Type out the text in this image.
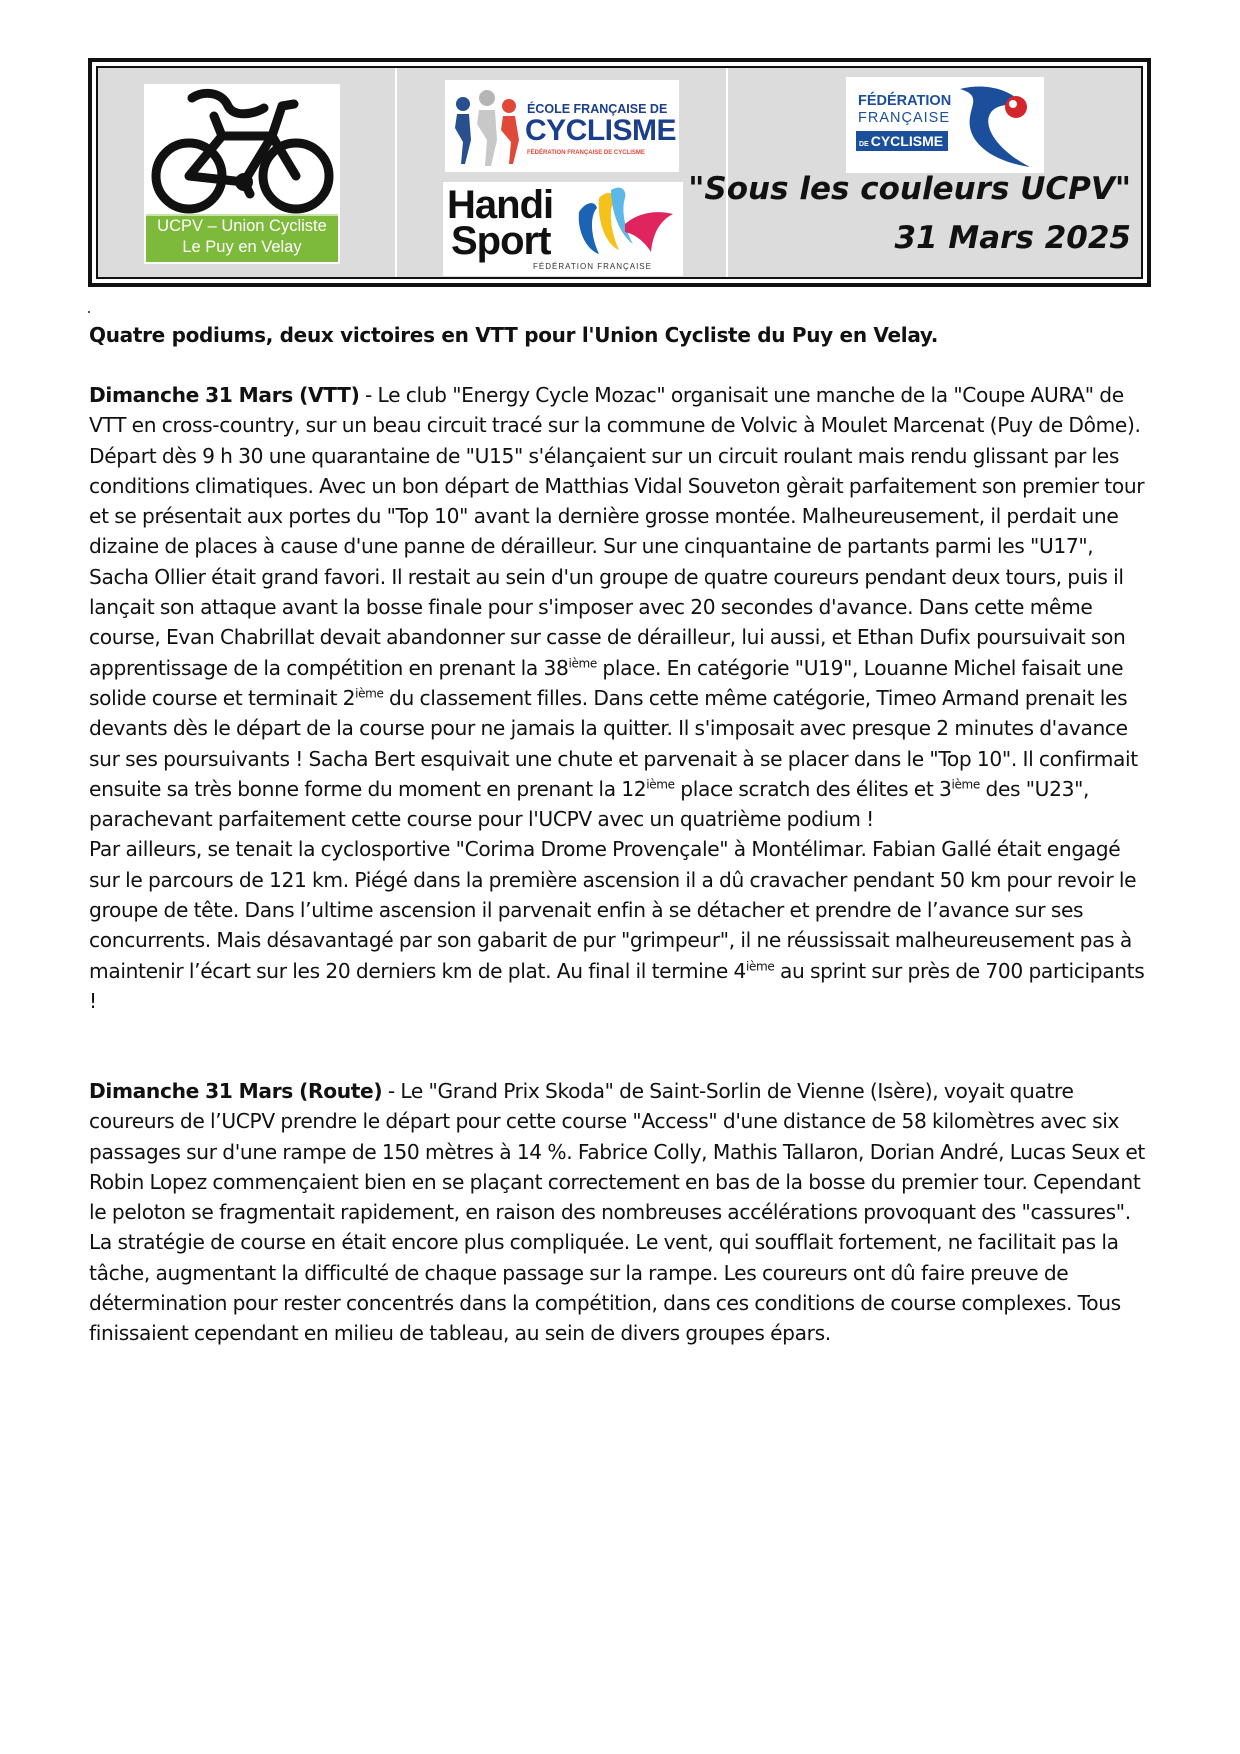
UCPV – Union Cycliste
Le Puy en Velay
ÉCOLE FRANÇAISE DE
CYCLISME
FÉDÉRATION FRANÇAISE DE CYCLISME
FÉDÉRATION
FRANÇAISE
DE CYCLISME
Handi
Sport
FÉDÉRATION FRANÇAISE
"Sous les couleurs UCPV"
31 Mars 2025
Quatre podiums, deux victoires en VTT pour l'Union Cycliste du Puy en Velay.

Dimanche 31 Mars (VTT) - Le club "Energy Cycle Mozac" organisait une manche de la "Coupe AURA" de VTT en cross-country, sur un beau circuit tracé sur la commune de Volvic à Moulet Marcenat (Puy de Dôme). Départ dès 9 h 30 une quarantaine de "U15" s'élançaient sur un circuit roulant mais rendu glissant par les conditions climatiques. Avec un bon départ de Matthias Vidal Souveton gèrait parfaitement son premier tour et se présentait aux portes du "Top 10" avant la dernière grosse montée. Malheureusement, il perdait une dizaine de places à cause d'une panne de dérailleur. Sur une cinquantaine de partants parmi les "U17", Sacha Ollier était grand favori. Il restait au sein d'un groupe de quatre coureurs pendant deux tours, puis il lançait son attaque avant la bosse finale pour s'imposer avec 20 secondes d'avance. Dans cette même course, Evan Chabrillat devait abandonner sur casse de dérailleur, lui aussi, et Ethan Dufix poursuivait son apprentissage de la compétition en prenant la 38ième place. En catégorie "U19", Louanne Michel faisait une solide course et terminait 2ième du classement filles. Dans cette même catégorie, Timeo Armand prenait les devants dès le départ de la course pour ne jamais la quitter. Il s'imposait avec presque 2 minutes d'avance sur ses poursuivants ! Sacha Bert esquivait une chute et parvenait à se placer dans le "Top 10". Il confirmait ensuite sa très bonne forme du moment en prenant la 12ième place scratch des élites et 3ième des "U23", parachevant parfaitement cette course pour l'UCPV avec un quatrième podium !

Par ailleurs, se tenait la cyclosportive "Corima Drome Provençale" à Montélimar. Fabian Gallé était engagé sur le parcours de 121 km. Piégé dans la première ascension il a dû cravacher pendant 50 km pour revoir le groupe de tête. Dans l’ultime ascension il parvenait enfin à se détacher et prendre de l’avance sur ses concurrents. Mais désavantagé par son gabarit de pur "grimpeur", il ne réussissait malheureusement pas à maintenir l’écart sur les 20 derniers km de plat. Au final il termine 4ième au sprint sur près de 700 participants !

Dimanche 31 Mars (Route) - Le "Grand Prix Skoda" de Saint-Sorlin de Vienne (Isère), voyait quatre coureurs de l’UCPV prendre le départ pour cette course "Access" d'une distance de 58 kilomètres avec six passages sur d'une rampe de 150 mètres à 14 %. Fabrice Colly, Mathis Tallaron, Dorian André, Lucas Seux et Robin Lopez commençaient bien en se plaçant correctement en bas de la bosse du premier tour. Cependant le peloton se fragmentait rapidement, en raison des nombreuses accélérations provoquant des "cassures". La stratégie de course en était encore plus compliquée. Le vent, qui soufflait fortement, ne facilitait pas la tâche, augmentant la difficulté de chaque passage sur la rampe. Les coureurs ont dû faire preuve de détermination pour rester concentrés dans la compétition, dans ces conditions de course complexes. Tous finissaient cependant en milieu de tableau, au sein de divers groupes épars.
